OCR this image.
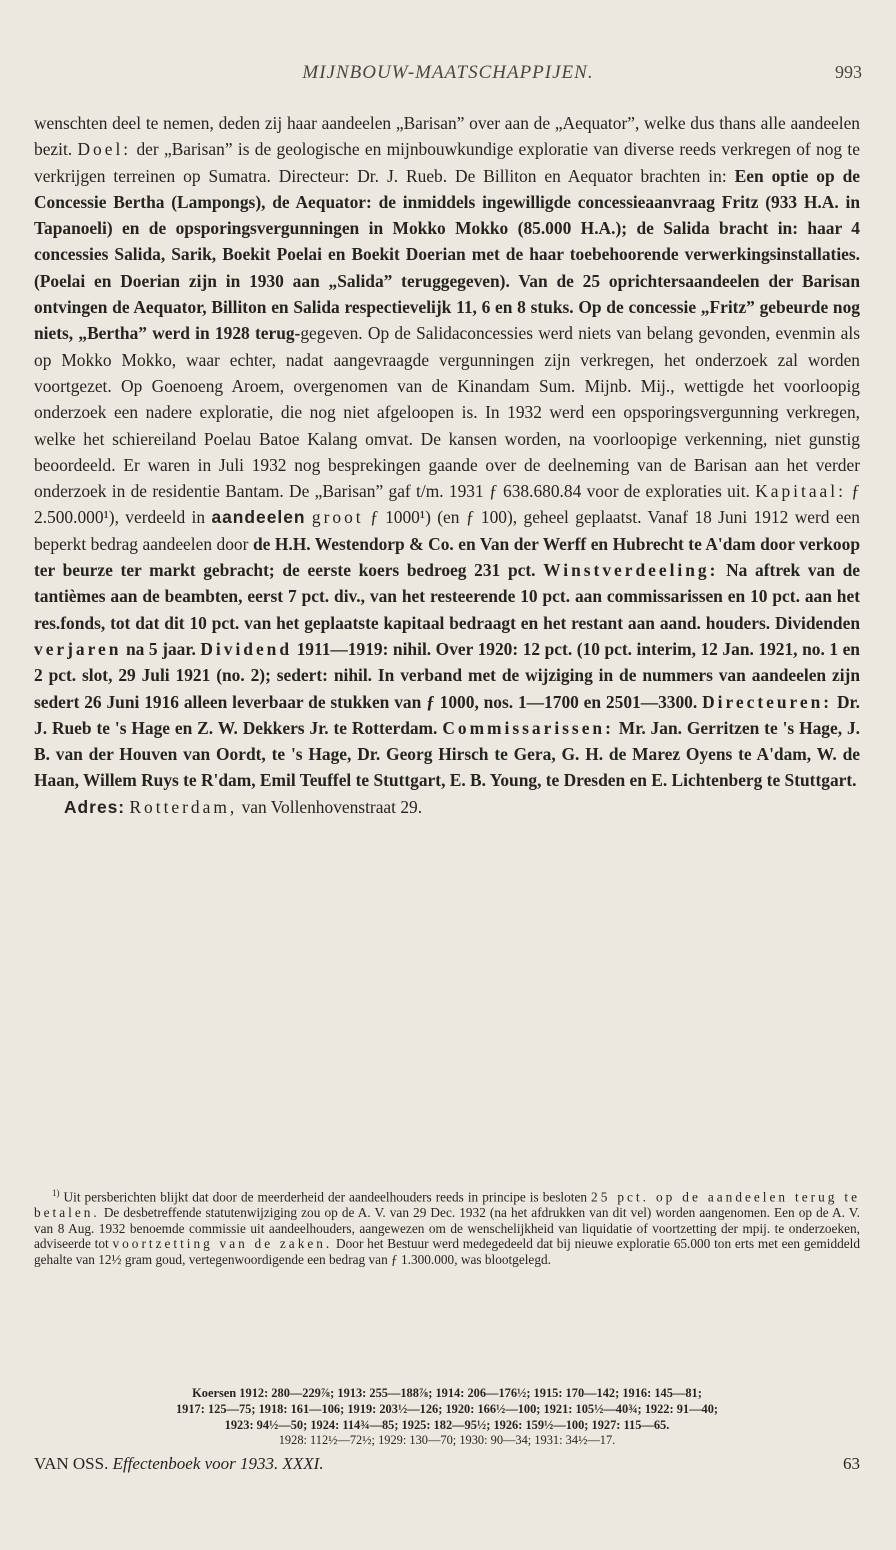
MIJNBOUW-MAATSCHAPPIJEN.	993

wenschten deel te nemen, deden zij haar aandeelen „Barisan” over aan de „Aequator”, welke dus thans alle aandeelen bezit. Doel: der „Barisan” is de geologische en mijnbouwkundige exploratie van diverse reeds verkregen of nog te verkrijgen terreinen op Sumatra. Directeur: Dr. J. Rueb. De Billiton en Aequator brachten in: Een optie op de Concessie Bertha (Lampongs), de Aequator: de inmiddels ingewilligde concessieaanvraag Fritz (933 H.A. in Tapanoeli) en de opsporingsvergunningen in Mokko Mokko (85.000 H.A.); de Salida bracht in: haar 4 concessies Salida, Sarik, Boekit Poelai en Boekit Doerian met de haar toebehoorende verwerkingsinstallaties. (Poelai en Doerian zijn in 1930 aan „Salida” teruggegeven). Van de 25 oprichtersaandeelen der Barisan ontvingen de Aequator, Billiton en Salida respectievelijk 11, 6 en 8 stuks. Op de concessie „Fritz” gebeurde nog niets, „Bertha” werd in 1928 terug-gegeven. Op de Salidaconcessies werd niets van belang gevonden, evenmin als op Mokko Mokko, waar echter, nadat aangevraagde vergunningen zijn verkregen, het onderzoek zal worden voortgezet. Op Goenoeng Aroem, overgenomen van de Kinandam Sum. Mijnb. Mij., wettigde het voorloopig onderzoek een nadere exploratie, die nog niet afgeloopen is. In 1932 werd een opsporingsvergunning verkregen, welke het schiereiland Poelau Batoe Kalang omvat. De kansen worden, na voorloopige verkenning, niet gunstig beoordeeld. Er waren in Juli 1932 nog besprekingen gaande over de deelneming van de Barisan aan het verder onderzoek in de residentie Bantam. De „Barisan” gaf t/m. 1931 ƒ 638.680.84 voor de exploraties uit. Kapitaal: ƒ 2.500.000¹), verdeeld in aandeelen groot ƒ 1000¹) (en ƒ 100), geheel geplaatst. Vanaf 18 Juni 1912 werd een beperkt bedrag aandeelen door de H.H. Westendorp & Co. en Van der Werff en Hubrecht te A'dam door verkoop ter beurze ter markt gebracht; de eerste koers bedroeg 231 pct. Winstverdeeling: Na aftrek van de tantièmes aan de beambten, eerst 7 pct. div., van het resteerende 10 pct. aan commissarissen en 10 pct. aan het res.fonds, tot dat dit 10 pct. van het geplaatste kapitaal bedraagt en het restant aan aand. houders. Dividenden verjaren na 5 jaar. Dividend 1911—1919: nihil. Over 1920: 12 pct. (10 pct. interim, 12 Jan. 1921, no. 1 en 2 pct. slot, 29 Juli 1921 (no. 2); sedert: nihil. In verband met de wijziging in de nummers van aandeelen zijn sedert 26 Juni 1916 alleen leverbaar de stukken van ƒ 1000, nos. 1—1700 en 2501—3300. Directeuren: Dr. J. Rueb te 's Hage en Z. W. Dekkers Jr. te Rotterdam. Commissarissen: Mr. Jan. Gerritzen te 's Hage, J. B. van der Houven van Oordt, te 's Hage, Dr. Georg Hirsch te Gera, G. H. de Marez Oyens te A'dam, W. de Haan, Willem Ruys te R'dam, Emil Teuffel te Stuttgart, E. B. Young, te Dresden en E. Lichtenberg te Stuttgart.

Adres: Rotterdam, van Vollenhovenstraat 29.

$^{1)}$ Uit persberichten blijkt dat door de meerderheid der aandeelhouders reeds in principe is besloten 25 pct. op de aandeelen terug te betalen. De desbetreffende statutenwijziging zou op de A. V. van 29 Dec. 1932 (na het afdrukken van dit vel) worden aangenomen. Een op de A. V. van 8 Aug. 1932 benoemde commissie uit aandeelhouders, aangewezen om de wenschelijkheid van liquidatie of voortzetting der mpij. te onderzoeken, adviseerde tot voortzetting van de zaken. Door het Bestuur werd medegedeeld dat bij nieuwe exploratie 65.000 ton erts met een gemiddeld gehalte van 12½ gram goud, vertegenwoordigende een bedrag van ƒ 1.300.000, was blootgelegd.

Koersen 1912: 280—229⅞; 1913: 255—188⅞; 1914: 206—176½; 1915: 170—142; 1916: 145—81;

1917: 125—75; 1918: 161—106; 1919: 203½—126; 1920: 166½—100; 1921: 105½—40¾; 1922: 91—40;

1923: 94½—50; 1924: 114¾—85; 1925: 182—95½; 1926: 159½—100; 1927: 115—65.

1928: 112½—72½; 1929: 130—70; 1930: 90—34; 1931: 34½—17.

VAN OSS. Effectenboek voor 1933. XXXI.	63
